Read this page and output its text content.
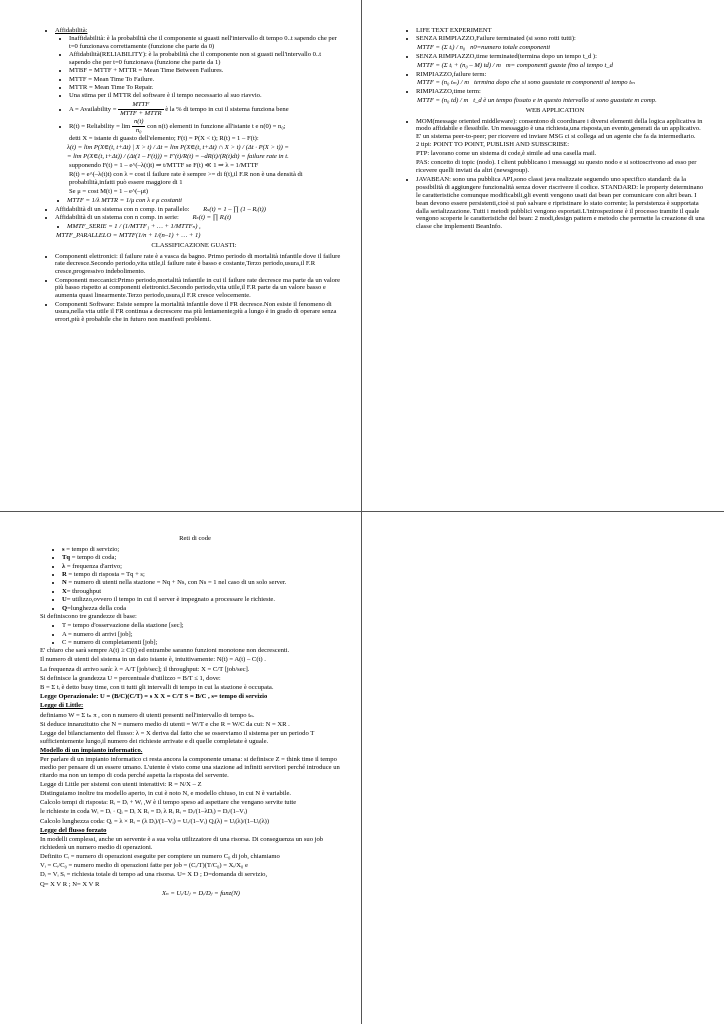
• Affidabilità:
• Inaffidabilità: è la probabilità che il componente si guasti nell'intervallo di tempo 0..t sapendo che per t=0 funzionava correttamente (funzione che parte da 0)
• Affidabilità(RELIABILITY): è la probabilità che il componente non si guasti nell'intervallo 0..t sapendo che per t=0 funzionava (funzione che parte da 1)
• MTBF = MTTF + MTTR = Mean Time Between Failures.
• MTTF = Mean Time To Failure.
• MTTR = Mean Time To Repair.
• Una stima per il MTTR del software è il tempo necessario al suo riavvio.
• A = Availability = $\frac{\text{MTTF}}{\text{MTTF + MTTR}}$ è la % di tempo in cui il sistema funziona bene
• R(t) = Reliability = $\lim \frac{n(t)}{\text{n₀}}$ con n(t) elementi in funzione all'istante t e n(0) = n₀;

detti X = istante di guasto dell'elemento; F(t) = P(X < t); R(t) = 1 – F(t):

λ(t) = lim P(X∈(t, t+Δt) | X > t) / Δt = lim P(X∈(t, t+Δt) ∩ X > t) / (Δt · P(X > t)) =

= lim P(X∈(t, t+Δt)) / (Δt(1 – F(t))) = F′(t)/R(t) = –dR(t)/(R(t)dt) = failure rate in t.

supponendo F(t) = 1 – e^(–λ(t)t) ⇒ t/MTTF se F(t) ≪ 1 ⇒ λ = 1/MTTF

R(t) = e^(–λ(t)t) con λ = cost il failure rate è sempre >= di f(t),il F.R non è una densità di probabilità,infatti può essere maggiore di 1

Se μ = cost M(t) = 1 – e^(–μt)

• MTTF = 1/λ MTTR = 1/μ con λ e μ costanti
• Affidabilità di un sistema con n comp. in parallelo: Rₛ(t) = 1 – ∏ (1 – Rᵢ(t))
• Affidabilità di un sistema con n comp. in serie: Rₛ(t) = ∏ Rᵢ(t)
• MMTF_SERIE = 1 / (1/MTTF₁ + … + 1/MTTFₙ) ,

MTTF_PARALLELO = MTTF(1/n + 1/(n–1) + … + 1)

CLASSIFICAZIONE GUASTI:
• Componenti elettronici: il failure rate è a vasca da bagno. Primo periodo di mortalità infantile dove il failure rate decresce.Secondo periodo,vita utile,il failure rate è basso e costante,Terzo periodo,usura,il F.R cresce,progressivo indebolimento.
• Componenti meccanici:Primo periodo,mortalità infantile in cui il failure rate decresce ma parte da un valore più basso rispetto ai componenti elettronici.Secondo periodo,vita utile,il F.R parte da un valore basso e aumenta quasi linearmente.Terzo periodo,usura,il F.R cresce velocemente.
• Componenti Software: Esiste sempre la mortalità infantile dove il FR decresce.Non esiste il fenomeno di usura,nella vita utile il FR continua a decrescere ma più lentamente;più a lungo è in grado di operare senza errori,più è probabile che in futuro non manifesti problemi.
• LIFE TEXT EXPERIMENT
• SENZA RIMPIAZZO,Failure terminated (si sono rotti tutti):

MTTF = (Σ tᵢ) / n₀ n0=numero totale componenti

• SENZA RIMPIAZZO,time terminated(termina dopo un tempo t_d ):

MTTF = (Σ tᵢ + (n₀ – M) td) / m m= componenti guaste fino al tempo t_d

• RIMPIAZZO,failure term:

MTTF = (n₀ tₘ) / m termina dopo che si sono guastate m componenti al tempo tₘ

• RIMPIAZZO,time term:

MTTF = (n₀ td) / m t_d è un tempo fissato e in questo intervallo si sono guastate m comp.

WEB APPLICATION
• MOM(message oriented middleware): consentono di coordinare i diversi elementi della logica applicativa in modo affidabile e flessibile. Un messaggio è una richiesta,una risposta,un evento,generati da un applicativo. E' un sistema peer-to-peer; per ricevere ed inviare MSG ci si collega ad un agente che fa da intermediario.

2 tipi: POINT TO POINT, PUBLISH AND SUBSCRIBE:

PTP: lavorano come un sistema di code,è simile ad una casella mail.

PAS: concetto di topic (nodo). I client pubblicano i messaggi su questo nodo e si sottoscrivono ad esso per ricevere quelli inviati da altri (newsgroup).

• JAVABEAN: sono una pubblica API,sono classi java realizzate seguendo uno specifico standard: da la possibilità di aggiungere funzionalità senza dover riscrivere il codice. STANDARD: le property determinano le caratteristiche comunque modificabili,gli eventi vengono usati dai bean per comunicare con altri bean. I bean devono essere persistenti,cioè si può salvare e ripristinare lo stato corrente; la persistenza è supportata dalla serializzazione. Tutti i metodi pubblici vengono esportati.L'introspezione è il processo tramite il quale vengono scoperte le caratteristiche del bean: 2 modi,design pattern e metodo che permette la creazione di una classe che implementi BeanInfo.
Reti di code
• s = tempo di servizio;
• Tq = tempo di coda;
• λ = frequenza d'arrivo;
• R = tempo di risposta = Tq + s;
• N = numero di utenti nella stazione = Nq + Ns, con Ns = 1 nel caso di un solo server.
• X= throughput
• U= utilizzo,ovvero il tempo in cui il server è impegnato a processare le richieste.
• Q=lunghezza della coda

Si definiscono tre grandezze di base:

• T = tempo d'osservazione della stazione [sec];
• A = numero di arrivi [job];
• C = numero di completamenti [job];

E' chiaro che sarà sempre A(t) ≥ C(t) ed entrambe saranno funzioni monotone non decrescenti.

Il numero di utenti del sistema in un dato istante è, intuitivamente: N(t) = A(t) – C(t) .

La frequenza di arrivo sarà: λ = A/T [job/sec]; il throughput: X = C/T [job/sec].

Si definisce la grandezza U = percentuale d'utilizzo = B/T ≤ 1, dove:

B = Σ tᵢ è detto busy time, con ti tutti gli intervalli di tempo in cui la stazione è occupata.

Legge Operazionale: U = (B/C)(C/T) = s X X = C/T S = B/C , s= tempo di servizio

Legge di Little:

definiamo W = Σ tₙ π , con n numero di utenti presenti nell'intervallo di tempo tₙ.

Si deduce innanzitutto che N = numero medio di utenti = W/T e che R = W/C da cui: N = XR .

Legge del bilanciamento del flusso: λ = X deriva dal fatto che se osserviamo il sistema per un periodo T sufficientemente lungo,il numero dei richieste arrivate e di quelle completate è uguale.

Modello di un impianto informatico.

Per parlare di un impianto informatico ci resta ancora la componente umana: si definisce Z = think time il tempo medio per pensare di un essere umano. L'utente è visto come una stazione ad infiniti servitori perché introduce un ritardo ma non un tempo di coda perché aspetta la risposta del servente.

Legge di Little per sistemi con utenti interattivi: R = N/X – Z

Distinguiamo inoltre tra modello aperto, in cui è noto N, e modello chiuso, in cui N è variabile.

Calcolo tempi di risposta: Rᵢ = Dᵢ + Wᵢ ,W è il tempo speso ad aspettare che vengano servite tutte

le richieste in coda Wᵢ = Dᵢ · Qᵢ = Dᵢ X Rᵢ = Dᵢ λ Rᵢ Rᵢ = Dᵢ/(1–λDᵢ) = Dᵢ/(1–Vᵢ)

Calcolo lunghezza coda: Qᵢ = λ × Rᵢ = (λ Dᵢ)/(1–Vᵢ) = Uᵢ/(1–Vᵢ) Qᵢ(λ) = Uᵢ(λ)/(1–Uᵢ(λ))

Legge del flusso forzato

In modelli complessi, anche un servente è a sua volta utilizzatore di una risorsa. Di conseguenza un suo job richiederà un numero medio di operazioni.

Definito Cᵢ = numero di operazioni eseguite per compiere un numero C₀ di job, chiamiamo

Vᵢ = Cᵢ/C₀ = numero medio di operazioni fatte per job = (Cᵢ/T)(T/C₀) = Xᵢ/X₀ e

Dᵢ = Vᵢ Sᵢ = richiesta totale di tempo ad una risorsa. U= X D ; D=domanda di servizio,

Q= X V R ; N= X V R

Xₙ = Uᵢ/Uⱼ = Dᵢ/Dⱼ = funz(N)
